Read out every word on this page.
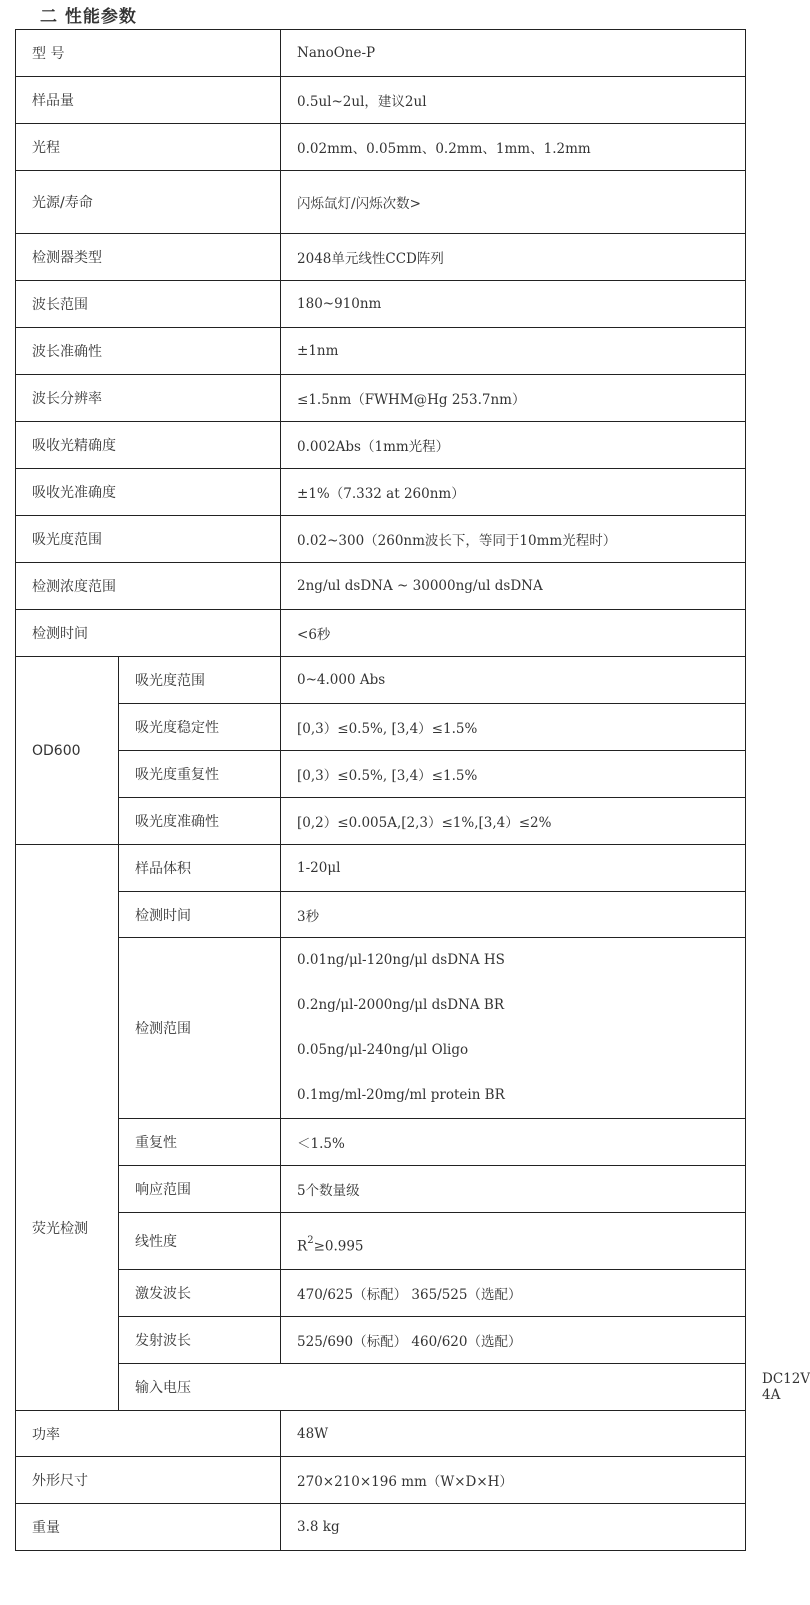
二 性能参数
型 号		NanoOne-P	
样品量		0.5ul~2ul，建议2ul	
光程		0.02mm、0.05mm、0.2mm、1mm、1.2mm	
光源/寿命		闪烁氙灯/闪烁次数>	
检测器类型		2048单元线性CCD阵列	
波长范围		180~910nm	
波长准确性		±1nm	
波长分辨率		≤1.5nm（FWHM@Hg 253.7nm）	
吸收光精确度		0.002Abs（1mm光程）	
吸收光准确度		±1%（7.332 at 260nm）	
吸光度范围		0.02~300（260nm波长下，等同于10mm光程时）	
检测浓度范围		2ng/ul dsDNA ~ 30000ng/ul dsDNA	
检测时间		<6秒	
OD600	吸光度范围	0~4.000 Abs	
	吸光度稳定性	[0,3）≤0.5%, [3,4）≤1.5%	
	吸光度重复性	[0,3）≤0.5%, [3,4）≤1.5%	
	吸光度准确性	[0,2）≤0.005A,[2,3）≤1%,[3,4）≤2%	
荧光检测	样品体积	1-20μl	
	检测时间	3秒	
	检测范围	0.01ng/μl-120ng/μl dsDNA HS
0.2ng/μl-2000ng/μl dsDNA BR
0.05ng/μl-240ng/μl Oligo
0.1mg/ml-20mg/ml protein BR	

	重复性	＜1.5%	
	响应范围	5个数量级	
	线性度	$R^2\ge 0.995$	
	激发波长	470/625（标配） 365/525（选配）	
	发射波长	525/690（标配） 460/620（选配）	
	输入电压		DC12V 4A
功率		48W	
外形尺寸		270×210×196 mm（W×D×H）	
重量		3.8 kg	
